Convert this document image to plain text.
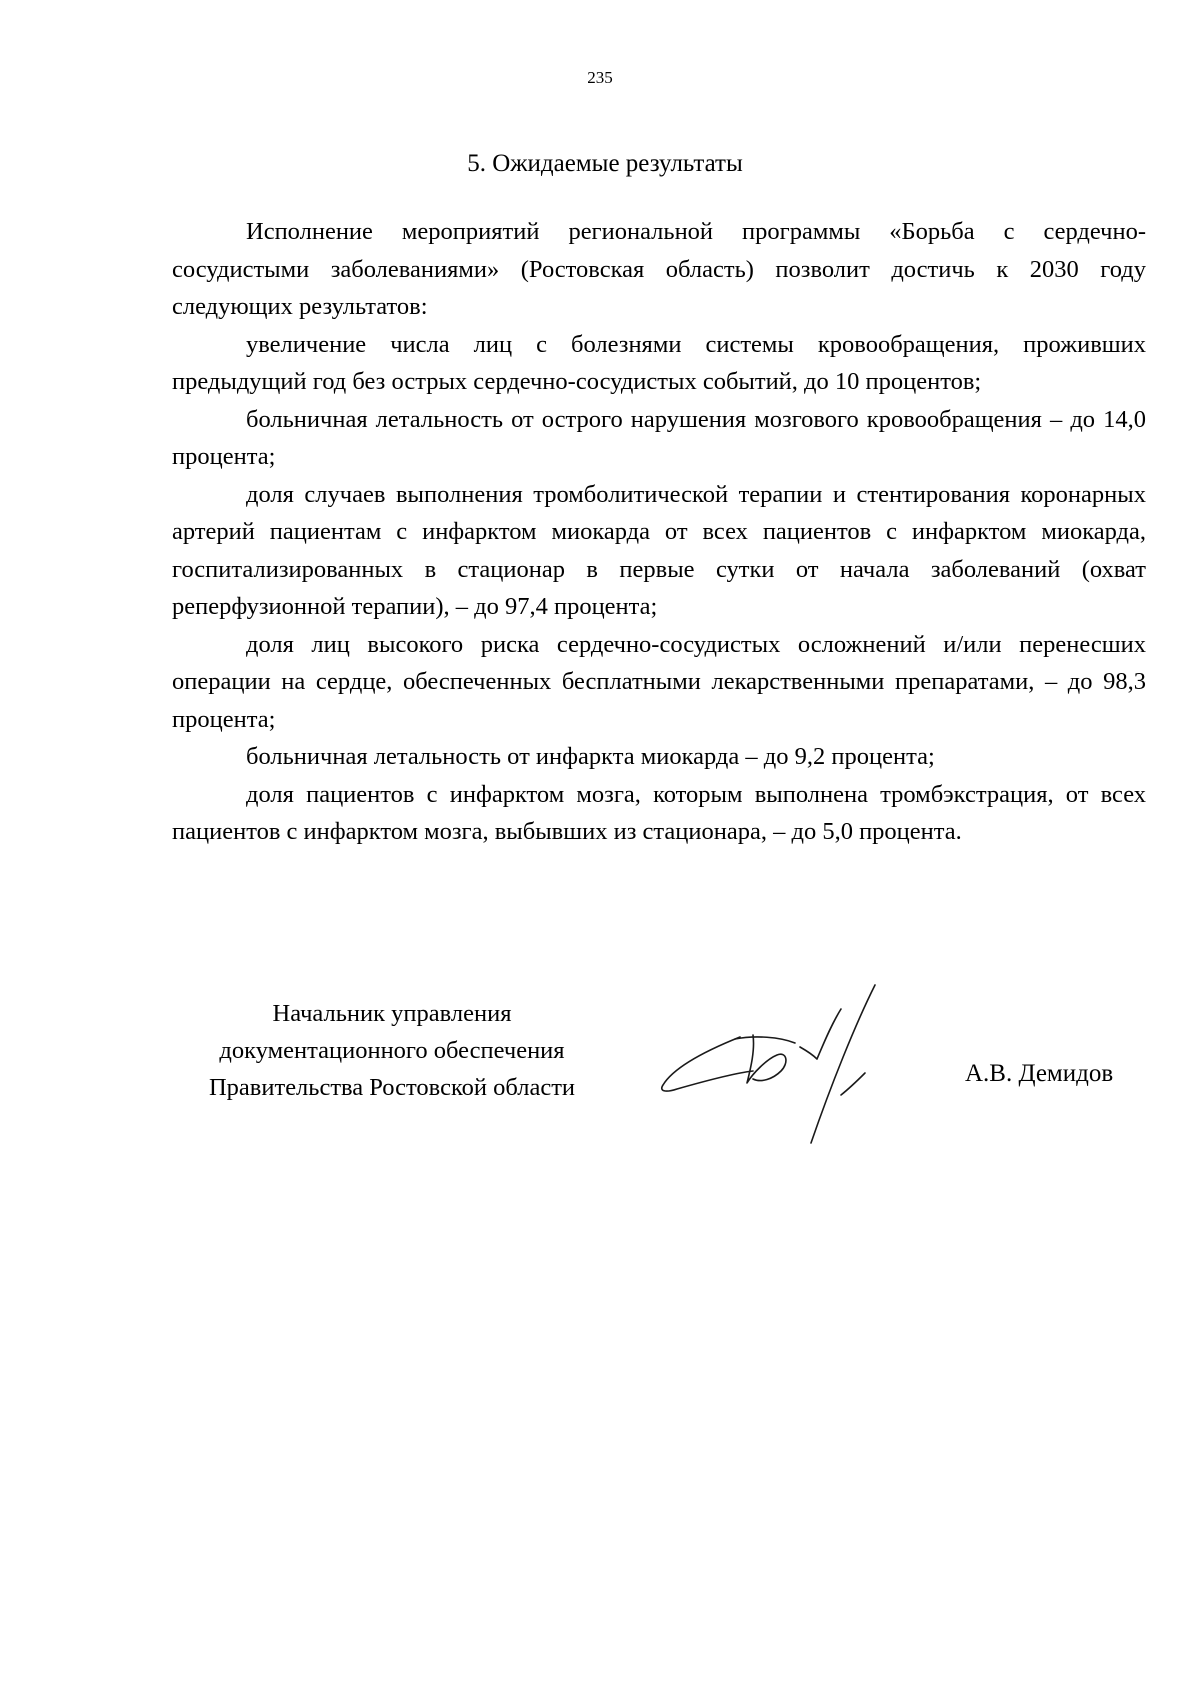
235
5. Ожидаемые результаты

Исполнение мероприятий региональной программы «Борьба с сердечно-сосудистыми заболеваниями» (Ростовская область) позволит достичь к 2030 году следующих результатов:

увеличение числа лиц с болезнями системы кровообращения, проживших предыдущий год без острых сердечно-сосудистых событий, до 10 процентов;

больничная летальность от острого нарушения мозгового кровообращения – до 14,0 процента;

доля случаев выполнения тромболитической терапии и стентирования коронарных артерий пациентам с инфарктом миокарда от всех пациентов с инфарктом миокарда, госпитализированных в стационар в первые сутки от начала заболеваний (охват реперфузионной терапии), – до 97,4 процента;

доля лиц высокого риска сердечно-сосудистых осложнений и/или перенесших операции на сердце, обеспеченных бесплатными лекарственными препаратами, – до 98,3 процента;

больничная летальность от инфаркта миокарда – до 9,2 процента;

доля пациентов с инфарктом мозга, которым выполнена тромбэкстрация, от всех пациентов с инфарктом мозга, выбывших из стационара, – до 5,0 процента.

Начальник управления
документационного обеспечения
Правительства Ростовской области
А.В. Демидов
